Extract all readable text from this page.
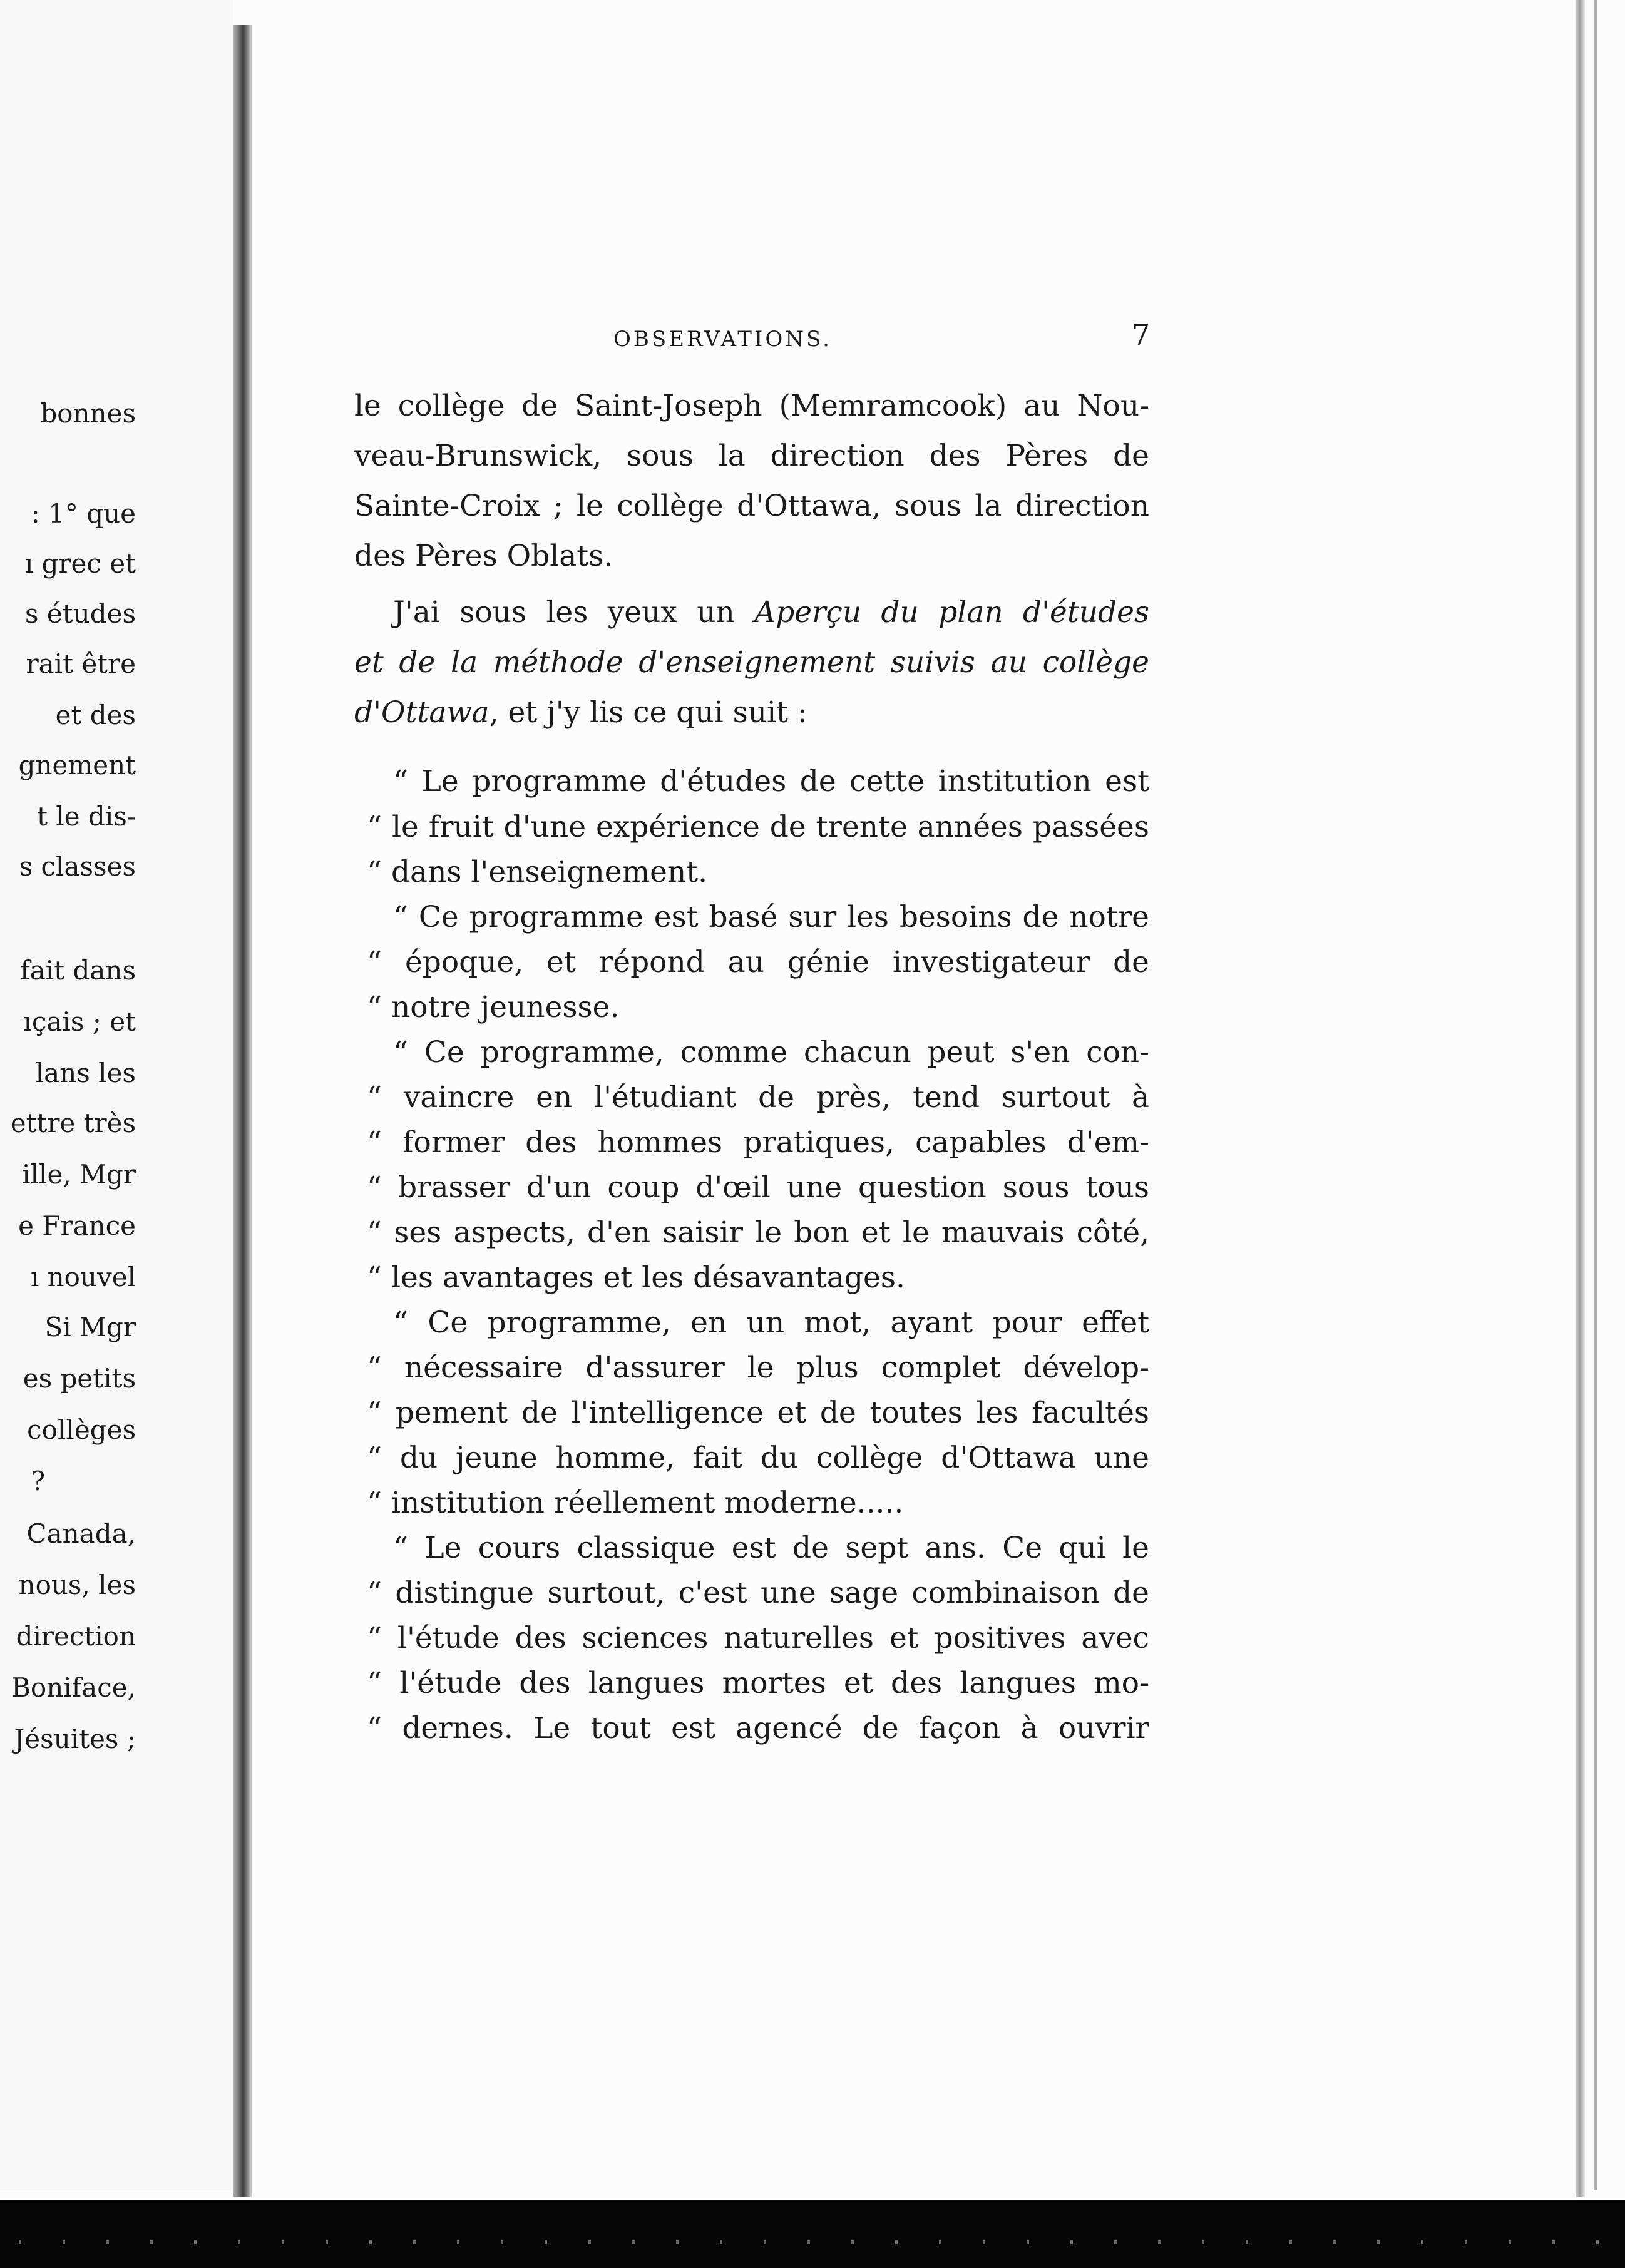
bonnes
: 1° que
ı grec et
s études
rait être
et des
gnement
t le dis-
s classes
fait dans
ıçais ; et
lans les
ettre très
ille, Mgr
e France
ı nouvel
Si Mgr
es petits
collèges
?
Canada,
nous, les
direction
Boniface,
Jésuites ;
OBSERVATIONS.	7
le collège de Saint-Joseph (Memramcook) au Nou-
veau-Brunswick, sous la direction des Pères de
Sainte-Croix ; le collège d'Ottawa, sous la direction
des Pères Oblats.
J'ai sous les yeux un Aperçu du plan d'études
et de la méthode d'enseignement suivis au collège
d'Ottawa, et j'y lis ce qui suit :
“ Le programme d'études de cette institution est
“ le fruit d'une expérience de trente années passées
“ dans l'enseignement.
“ Ce programme est basé sur les besoins de notre
“ époque, et répond au génie investigateur de
“ notre jeunesse.
“ Ce programme, comme chacun peut s'en con-
“ vaincre en l'étudiant de près, tend surtout à
“ former des hommes pratiques, capables d'em-
“ brasser d'un coup d'œil une question sous tous
“ ses aspects, d'en saisir le bon et le mauvais côté,
“ les avantages et les désavantages.
“ Ce programme, en un mot, ayant pour effet
“ nécessaire d'assurer le plus complet dévelop-
“ pement de l'intelligence et de toutes les facultés
“ du jeune homme, fait du collège d'Ottawa une
“ institution réellement moderne.....
“ Le cours classique est de sept ans. Ce qui le
“ distingue surtout, c'est une sage combinaison de
“ l'étude des sciences naturelles et positives avec
“ l'étude des langues mortes et des langues mo-
“ dernes. Le tout est agencé de façon à ouvrir
